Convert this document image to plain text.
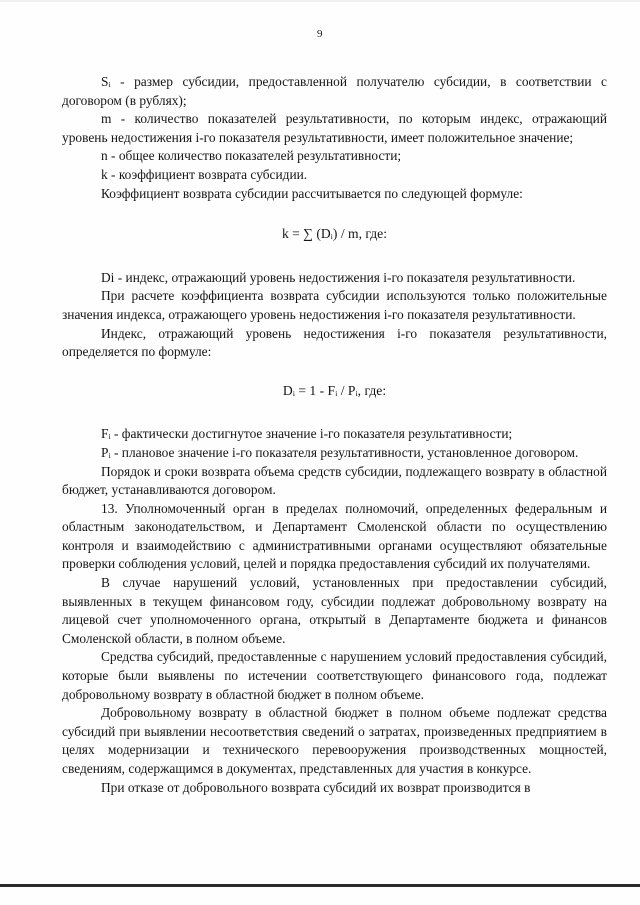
9

Sᵢ - размер субсидии, предоставленной получателю субсидии, в соответствии с договором (в рублях);

m - количество показателей результативности, по которым индекс, отражающий уровень недостижения i-го показателя результативности, имеет положительное значение;

n - общее количество показателей результативности;

k - коэффициент возврата субсидии.

Коэффициент возврата субсидии рассчитывается по следующей формуле:

k = ∑ (Dᵢ) / m, где:

Di - индекс, отражающий уровень недостижения i-го показателя результативности.

При расчете коэффициента возврата субсидии используются только положительные значения индекса, отражающего уровень недостижения i-го показателя результативности.

Индекс, отражающий уровень недостижения i-го показателя результативности, определяется по формуле:

Dᵢ = 1 - Fᵢ / Pᵢ, где:

Fᵢ - фактически достигнутое значение i-го показателя результативности;

Pᵢ - плановое значение i-го показателя результативности, установленное договором.

Порядок и сроки возврата объема средств субсидии, подлежащего возврату в областной бюджет, устанавливаются договором.

13. Уполномоченный орган в пределах полномочий, определенных федеральным и областным законодательством, и Департамент Смоленской области по осуществлению контроля и взаимодействию с административными органами осуществляют обязательные проверки соблюдения условий, целей и порядка предоставления субсидий их получателями.

В случае нарушений условий, установленных при предоставлении субсидий, выявленных в текущем финансовом году, субсидии подлежат добровольному возврату на лицевой счет уполномоченного органа, открытый в Департаменте бюджета и финансов Смоленской области, в полном объеме.

Средства субсидий, предоставленные с нарушением условий предоставления субсидий, которые были выявлены по истечении соответствующего финансового года, подлежат добровольному возврату в областной бюджет в полном объеме.

Добровольному возврату в областной бюджет в полном объеме подлежат средства субсидий при выявлении несоответствия сведений о затратах, произведенных предприятием в целях модернизации и технического перевооружения производственных мощностей, сведениям, содержащимся в документах, представленных для участия в конкурсе.

При отказе от добровольного возврата субсидий их возврат производится в
